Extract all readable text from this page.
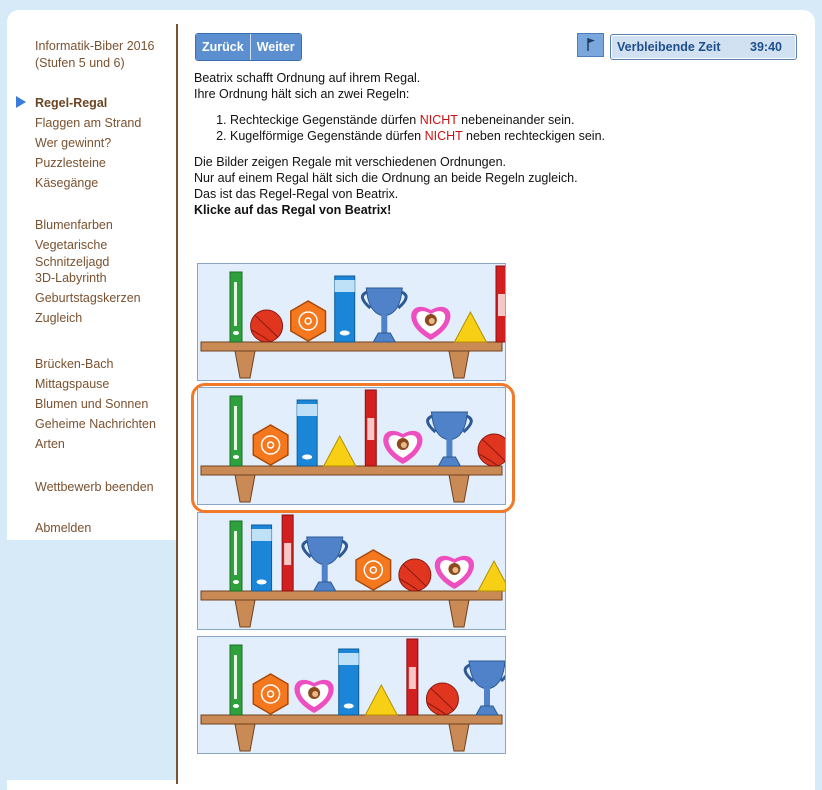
Informatik-Biber 2016
(Stufen 5 und 6)
Regel-Regal
Flaggen am Strand
Wer gewinnt?
Puzzlesteine
Käsegänge
Blumenfarben
Vegetarische
Schnitzeljagd
3D-Labyrinth
Geburtstagskerzen
Zugleich
Brücken-Bach
Mittagspause
Blumen und Sonnen
Geheime Nachrichten
Arten
Wettbewerb beenden
Abmelden
Zurück	Weiter	Verbleibende Zeit 39:40

Beatrix schafft Ordnung auf ihrem Regal.

Ihre Ordnung hält sich an zwei Regeln:

1. Rechteckige Gegenstände dürfen NICHT nebeneinander sein.
2. Kugelförmige Gegenstände dürfen NICHT neben rechteckigen sein.

Die Bilder zeigen Regale mit verschiedenen Ordnungen.

Nur auf einem Regal hält sich die Ordnung an beide Regeln zugleich.

Das ist das Regel-Regal von Beatrix.

Klicke auf das Regal von Beatrix!
